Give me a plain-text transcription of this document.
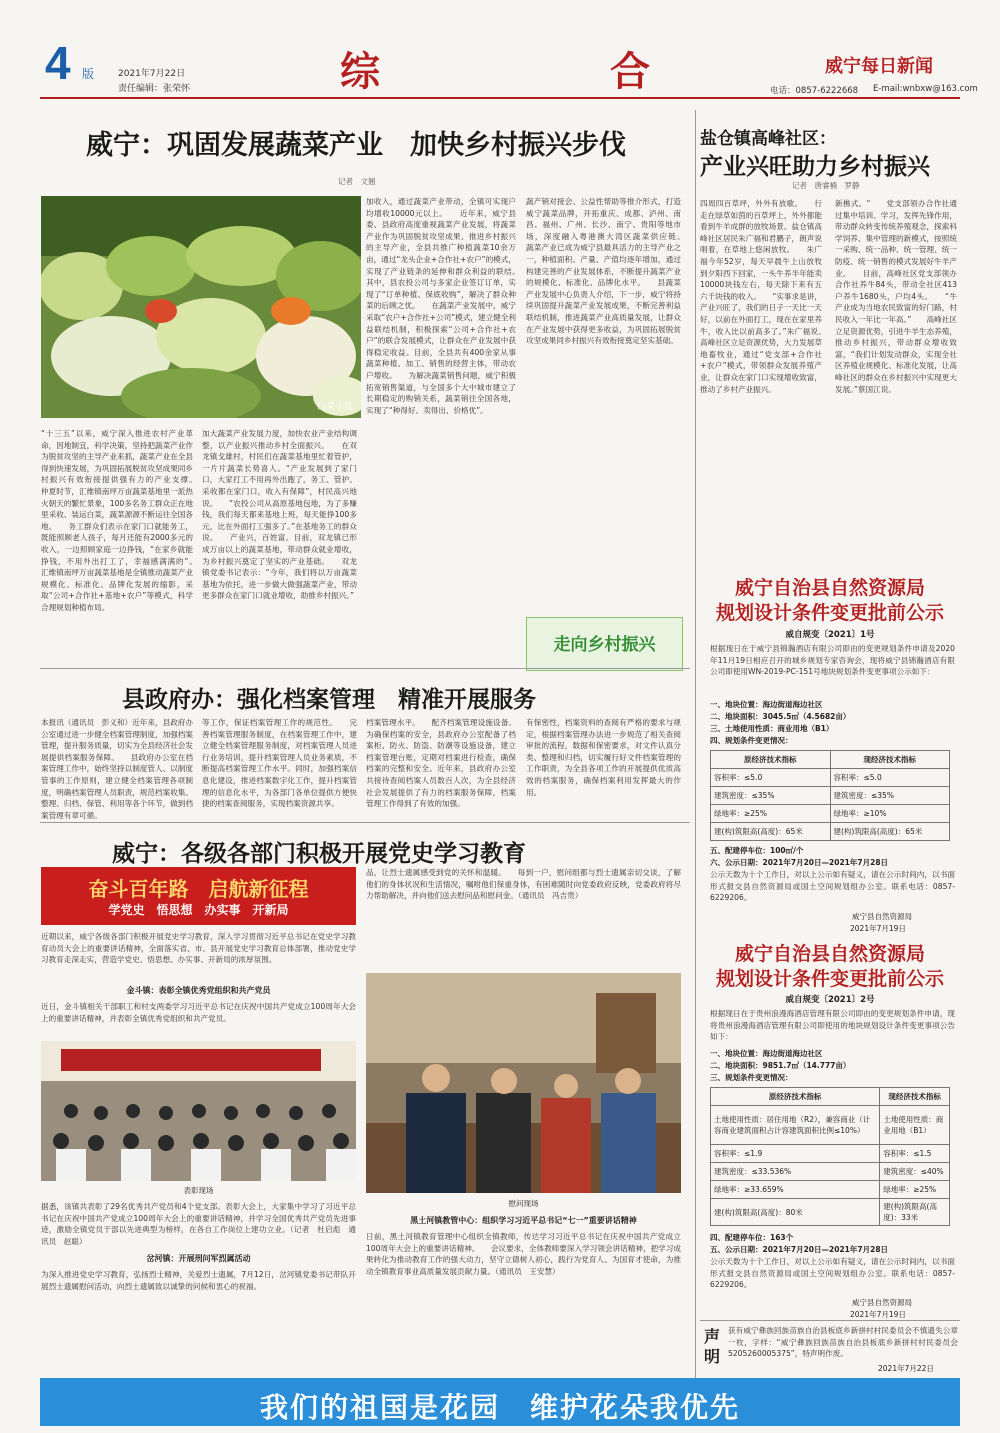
4 版	2021年7月22日
责任编辑：张荣怀	综	合	威宁每日新闻
电话：0857-6222668 E-mail:wnbxw@163.com
威宁：巩固发展蔬菜产业　加快乡村振兴步伐
记者　文翘
白菜丰收
“十三五”以来，威宁深入推进农村产业革命，因地制宜，科学决策，坚持把蔬菜产业作为脱贫攻坚的主导产业来抓，蔬菜产业在全县得到快速发展，为巩固拓展脱贫攻坚成果同乡村振兴有效衔接提供强有力的产业支撑。　　仲夏时节，汇维镇南坪万亩蔬菜基地里一派热火朝天的繁忙景象，100多名务工群众正在地里采收、装运白菜，蔬菜源源不断运往全国各地。　　务工群众们表示在家门口就能务工，既能照顾老人孩子，每月还能有2000多元的收入，一边照顾家庭一边挣钱，“在家乡就能挣钱，不用外出打工了，幸福感满满的”。　　汇维镇南坪万亩蔬菜基地是全镇推动蔬菜产业规模化、标准化、品牌化发展的缩影，采取“公司+合作社+基地+农户”等模式，科学合理规划种植布局。
加大蔬菜产业发展力度，加快农业产业结构调整，以产业振兴推动乡村全面振兴。　　在双龙镇戈雄村，村民们在蔬菜基地里忙着管护，一片片蔬菜长势喜人。“产业发展到了家门口，大家打工不用再外出跑了，务工、管护、采收都在家门口，收入有保障”，村民高兴地说。　　“农投公司从高原基地包地，为了多赚钱，我们每天都来基地上班，每天能挣100多元，比在外面打工强多了。”在基地务工的群众说。　　产业兴，百姓富。目前，双龙镇已形成万亩以上的蔬菜基地，带动群众就业增收，为乡村振兴奠定了坚实的产业基础。　　双龙镇党委书记表示：“今年，我们将以万亩蔬菜基地为依托，进一步做大做强蔬菜产业，带动更多群众在家门口就业增收，助推乡村振兴。”
加收入，通过蔬菜产业带动，全镇可实现户均增收10000元以上。　　近年来，威宁县委、县政府高度重视蔬菜产业发展，将蔬菜产业作为巩固脱贫攻坚成果、推进乡村振兴的主导产业，全县共推广种植蔬菜10余万亩，通过“龙头企业+合作社+农户”的模式，实现了产业链条的延伸和群众利益的联结。　　其中，县农投公司与多家企业签订订单，实现了“订单种植、保底收购”，解决了群众种菜的后顾之忧。　　在蔬菜产业发展中，威宁采取“农户+合作社+公司”模式，建立健全利益联结机制，积极探索“公司+合作社+农户”的联合发展模式，让群众在产业发展中获得稳定收益。目前，全县共有400余家从事蔬菜种植、加工、销售的经营主体，带动农户增收。　　为解决蔬菜销售问题，威宁积极拓宽销售渠道，与全国多个大中城市建立了长期稳定的购销关系，蔬菜销往全国各地，实现了“种得好、卖得出、价格优”。
蔬产销对接会、公益性帮助等推介形式，打造威宁蔬菜品牌，开拓重庆、成都、泸州、南昌、福州、广州、长沙、南宁、贵阳等地市场，深度融入粤港澳大湾区蔬菜供应链。　　蔬菜产业已成为威宁县最具活力的主导产业之一，种植面积、产量、产值均逐年增加，通过构建完善的产业发展体系，不断提升蔬菜产业的规模化、标准化、品牌化水平。　　县蔬菜产业发展中心负责人介绍，下一步，威宁将持续巩固提升蔬菜产业发展成果，不断完善利益联结机制，推进蔬菜产业高质量发展，让群众在产业发展中获得更多收益，为巩固拓展脱贫攻坚成果同乡村振兴有效衔接奠定坚实基础。
走向乡村振兴
盐仓镇高峰社区：
产业兴旺助力乡村振兴
记者　唐睿楠　罗静
四周四百草坪，外外有放歌。　　行走在绿草如茵的百草坪上，外外都能看到牛羊成群的放牧场景。盐仓镇高峰社区居民朱广福和君鹏子，朗声说唱着，在草地上悠闲放牧。　　朱广福今年52岁，每天早晨牛上山放牧到夕阳西下回家，一头牛养半年能卖10000块钱左右，每天除下来有五六千块钱的收入。　　“实事求是讲，产业兴旺了，我们的日子一天比一天好，以前在外面打工，现在在家里养牛，收入比以前高多了。”朱广福说。　　高峰社区立足资源优势，大力发展草地畜牧业，通过“党支部+合作社+农户”模式，带领群众发展养殖产业，让群众在家门口实现增收致富，推动了乡村产业振兴。
新樵式。“　　党支部领办合作社通过集中培训、学习，发挥先锋作用，带动群众转变传统养殖观念，探索科学饲养、集中管理的新模式，按照统一采购、统一品种、统一管理、统一防疫、统一销售的模式发展好牛羊产业。　　目前，高峰社区党支部领办合作社养牛84头，带动全社区413户养牛1680头，户均4头。　　“牛产业成为当地农民致富的好门路，村民收入一年比一年高。”　　高峰社区立足资源优势，引进牛羊生态养殖，推动乡村振兴，带动群众增收致富，“我们计划发动群众，实现全社区养殖业规模化、标准化发展，让高峰社区的群众在乡村振兴中实现更大发展。”蔡国江说。
威宁自治县自然资源局
规划设计条件变更批前公示
威自规变〔2021〕1号
根据现日在于威宁县锦瀚酒店有限公司即由的变更规划条件申请及2020年11月19日相应召开的城乡规划专家咨询会，现将威宁县锦瀚酒店有限公司即使用WN-2019-PC-151号地块规划条件变更事项公示如下：
一、地块位置：海边街道海边社区
二、地块面积：3045.5㎡（4.5682亩）
三、土地使用性质：商业用地（B1）
四、规划条件变更情况：
原经济技术指标	现经济技术指标
容积率：≤5.0	容积率：≤5.0
建筑密度：≤35%	建筑密度：≤35%
绿地率：≥25%	绿地率：≥10%
建(构)筑限高(高度)：65米	建(构)筑限高(高度)：65米
五、配建停车位：100㎡/个
六、公示日期：2021年7月20日—2021年7月28日
公示天数为十个工作日，对以上公示如有疑义，请在公示时间内，以书面形式报交县自然资源局或国土空间规划组办公室。联系电话：0857-6229206。
威宁县自然资源局
2021年7月19日
威宁自治县自然资源局
规划设计条件变更批前公示
威自规变〔2021〕2号
根据现日在于贵州浪漫海酒店管理有限公司即由的变更规划条件申请，现将贵州浪漫海酒店管理有限公司即使用的地块规划设计条件变更事项公告如下：
一、地块位置：海边街道海边社区
二、地块面积：9851.7㎡（14.777亩）
三、规划条件变更情况：
原经济技术指标	现经济技术指标
土地使用性质：居住用地（R2），兼容商业（计容商业建筑面积占计容建筑面积比例≤10%）	土地使用性质：商业用地（B1）
容积率：≤1.9	容积率：≤1.5
建筑密度：≤33.536%	建筑密度：≤40%
绿地率：≥33.659%	绿地率：≥25%
建(构)筑限高(高度)：80米	建(构)筑限高(高度)：33米
四、配建停车位：163个
五、公示日期：2021年7月20日—2021年7月28日
公示天数为十个工作日，对以上公示如有疑义，请在公示时间内，以书面形式报交县自然资源局或国土空间规划组办公室。联系电话：0857-6229206。
威宁县自然资源局
2021年7月19日
声
明
获有威宁彝族回族苗族自治县板底乡新拼村村民委员会不慎遗失公章一枚，字样：“威宁彝族回族苗族自治县板底乡新拼村村民委员会5205260005375”，特声明作废。
2021年7月22日
县政府办：强化档案管理　精准开展服务
本报讯（通讯员　彭义和）近年来，县政府办公室通过进一步健全档案管理制度，加强档案管理，提升服务质量，切实为全县经济社会发展提供档案服务保障。　　县政府办公室在档案管理工作中，始终坚持以制度管人、以制度管事的工作原则，建立健全档案管理各项制度，明确档案管理人员职责，规范档案收集、整理、归档、保管、利用等各个环节，做到档案管理有章可循。
等工作，保证档案管理工作的规范性。　　完善档案管理服务制度，在档案管理工作中，建立健全档案管理服务制度，对档案管理人员进行业务培训，提升档案管理人员业务素质，不断提高档案管理工作水平。同时，加强档案信息化建设，推进档案数字化工作，提升档案管理的信息化水平，为各部门各单位提供方便快捷的档案查阅服务，实现档案资源共享。
档案管理水平。　　配齐档案管理设施设备。为确保档案的安全，县政府办公室配备了档案柜、防火、防盗、防潮等设施设备，建立档案管理台账，定期对档案进行检查，确保档案的完整和安全。近年来，县政府办公室共接待查阅档案人员数百人次，为全县经济社会发展提供了有力的档案服务保障，档案管理工作得到了有效的加强。
有保密性，档案资料的查阅有严格的要求与规定，根据档案管理办法进一步规范了相关查阅审批的流程，数据和保密要求，对文件认真分类、整理和归档，切实履行好文件档案管理的工作职责，为全县各项工作的开展提供优质高效的档案服务，确保档案利用发挥最大的作用。
威宁：各级各部门积极开展党史学习教育
奋斗百年路　启航新征程
学党史　悟思想　办实事　开新局
近期以来，威宁各级各部门积极开展党史学习教育，深入学习贯彻习近平总书记在党史学习教育动员大会上的重要讲话精神，全面落实省、市、县开展党史学习教育总体部署，推动党史学习教育走深走实，营造学党史、悟思想、办实事、开新局的浓厚氛围。
金斗镇：表彰全镇优秀党组织和共产党员
近日，金斗镇相关干部职工和村支两委学习习近平总书记在庆祝中国共产党成立100周年大会上的重要讲话精神，并表彰全镇优秀党组织和共产党员。
表彰现场
据悉，该镇共表彰了29名优秀共产党员和4个党支部。表彰大会上，大家集中学习了习近平总书记在庆祝中国共产党成立100周年大会上的重要讲话精神，并学习全国优秀共产党员先进事迹，激励全镇党员干部以先进典型为榜样，在各自工作岗位上建功立业。（记者　杜启彪　通讯员　赵聪）
岔河镇：开展刑问军烈属活动
为深入推进党史学习教育，弘扬烈士精神，关爱烈士遗属，7月12日，岔河镇党委书记带队开展烈士遗属慰问活动，向烈士遗属致以诚挚的问候和衷心的祝福。
品，让烈士遗属感受到党的关怀和温暖。　　每到一户，慰问组都与烈士遗属亲切交谈，了解他们的身体状况和生活情况，嘱咐他们保重身体，有困难随时向党委政府反映，党委政府将尽力帮助解决，并向他们送去慰问品和慰问金。（通讯员　冯吉贵）
慰问现场
黑土河镇教管中心：组织学习习近平总书记“七一”重要讲话精神
日前，黑土河镇教育管理中心组织全镇教师，传达学习习近平总书记在庆祝中国共产党成立100周年大会上的重要讲话精神。　　会议要求，全体教师要深入学习领会讲话精神，把学习成果转化为推动教育工作的强大动力，坚守立德树人初心，践行为党育人、为国育才使命，为推动全镇教育事业高质量发展贡献力量。（通讯员　王安慧）
我们的祖国是花园　维护花朵我优先
